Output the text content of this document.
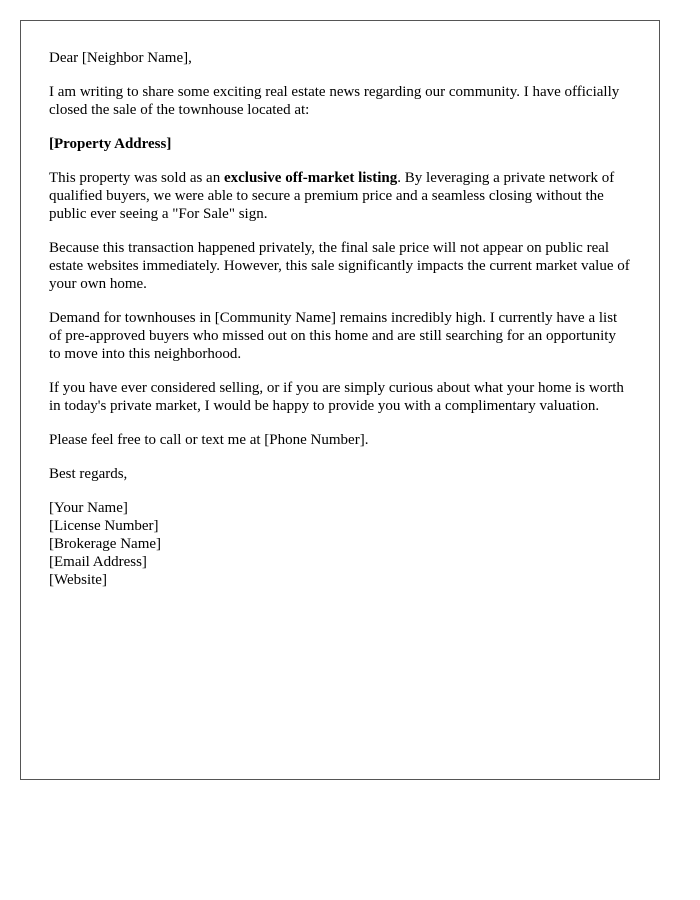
Dear [Neighbor Name],

I am writing to share some exciting real estate news regarding our community. I have officially closed the sale of the townhouse located at:

[Property Address]

This property was sold as an exclusive off-market listing. By leveraging a private network of qualified buyers, we were able to secure a premium price and a seamless closing without the public ever seeing a "For Sale" sign.

Because this transaction happened privately, the final sale price will not appear on public real estate websites immediately. However, this sale significantly impacts the current market value of your own home.

Demand for townhouses in [Community Name] remains incredibly high. I currently have a list of pre-approved buyers who missed out on this home and are still searching for an opportunity to move into this neighborhood.

If you have ever considered selling, or if you are simply curious about what your home is worth in today's private market, I would be happy to provide you with a complimentary valuation.

Please feel free to call or text me at [Phone Number].

Best regards,

[Your Name]
[License Number]
[Brokerage Name]
[Email Address]
[Website]
